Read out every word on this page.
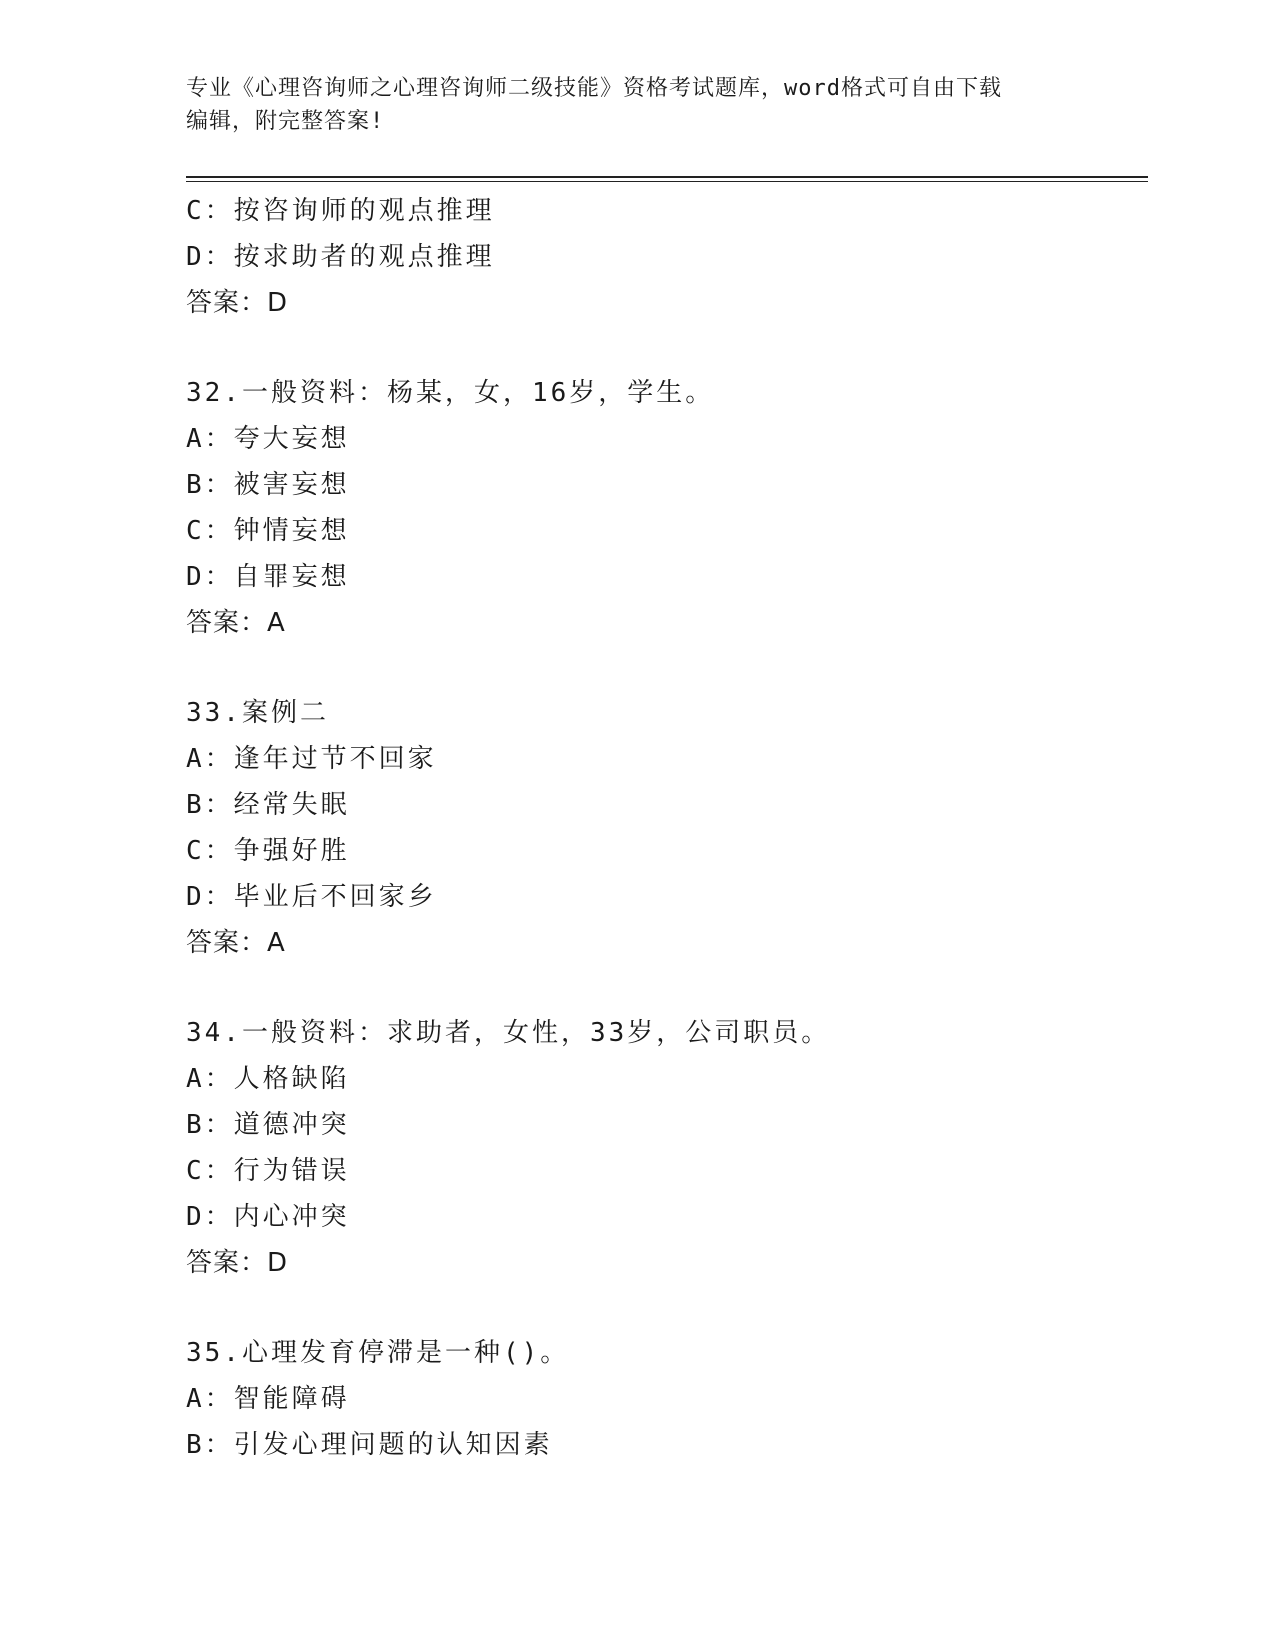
专业《心理咨询师之心理咨询师二级技能》资格考试题库，word格式可自由下载
编辑，附完整答案!
C：按咨询师的观点推理
D：按求助者的观点推理
答案：D
32.一般资料：杨某，女，16岁，学生。
A：夸大妄想
B：被害妄想
C：钟情妄想
D：自罪妄想
答案：A
33.案例二
A：逢年过节不回家
B：经常失眠
C：争强好胜
D：毕业后不回家乡
答案：A
34.一般资料：求助者，女性，33岁，公司职员。
A：人格缺陷
B：道德冲突
C：行为错误
D：内心冲突
答案：D
35.心理发育停滞是一种()。
A：智能障碍
B：引发心理问题的认知因素
